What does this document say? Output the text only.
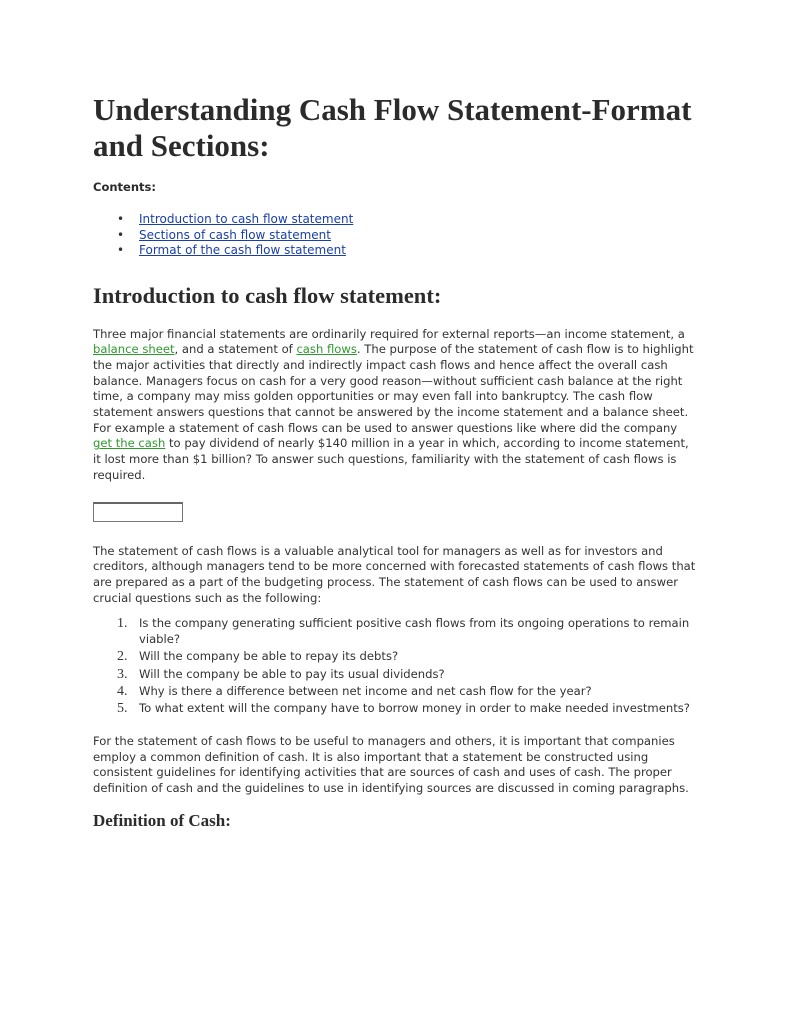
Understanding Cash Flow Statement-Format and Sections:
Contents:
• Introduction to cash flow statement
• Sections of cash flow statement
• Format of the cash flow statement
Introduction to cash flow statement:

Three major financial statements are ordinarily required for external reports—an income statement, a balance sheet, and a statement of cash flows. The purpose of the statement of cash flow is to highlight the major activities that directly and indirectly impact cash flows and hence affect the overall cash balance. Managers focus on cash for a very good reason—without sufficient cash balance at the right time, a company may miss golden opportunities or may even fall into bankruptcy. The cash flow statement answers questions that cannot be answered by the income statement and a balance sheet. For example a statement of cash flows can be used to answer questions like where did the company get the cash to pay dividend of nearly $140 million in a year in which, according to income statement, it lost more than $1 billion? To answer such questions, familiarity with the statement of cash flows is required.

The statement of cash flows is a valuable analytical tool for managers as well as for investors and creditors, although managers tend to be more concerned with forecasted statements of cash flows that are prepared as a part of the budgeting process. The statement of cash flows can be used to answer crucial questions such as the following:

1. Is the company generating sufficient positive cash flows from its ongoing operations to remain viable?
2. Will the company be able to repay its debts?
3. Will the company be able to pay its usual dividends?
4. Why is there a difference between net income and net cash flow for the year?
5. To what extent will the company have to borrow money in order to make needed investments?

For the statement of cash flows to be useful to managers and others, it is important that companies employ a common definition of cash. It is also important that a statement be constructed using consistent guidelines for identifying activities that are sources of cash and uses of cash. The proper definition of cash and the guidelines to use in identifying sources are discussed in coming paragraphs.

Definition of Cash:
